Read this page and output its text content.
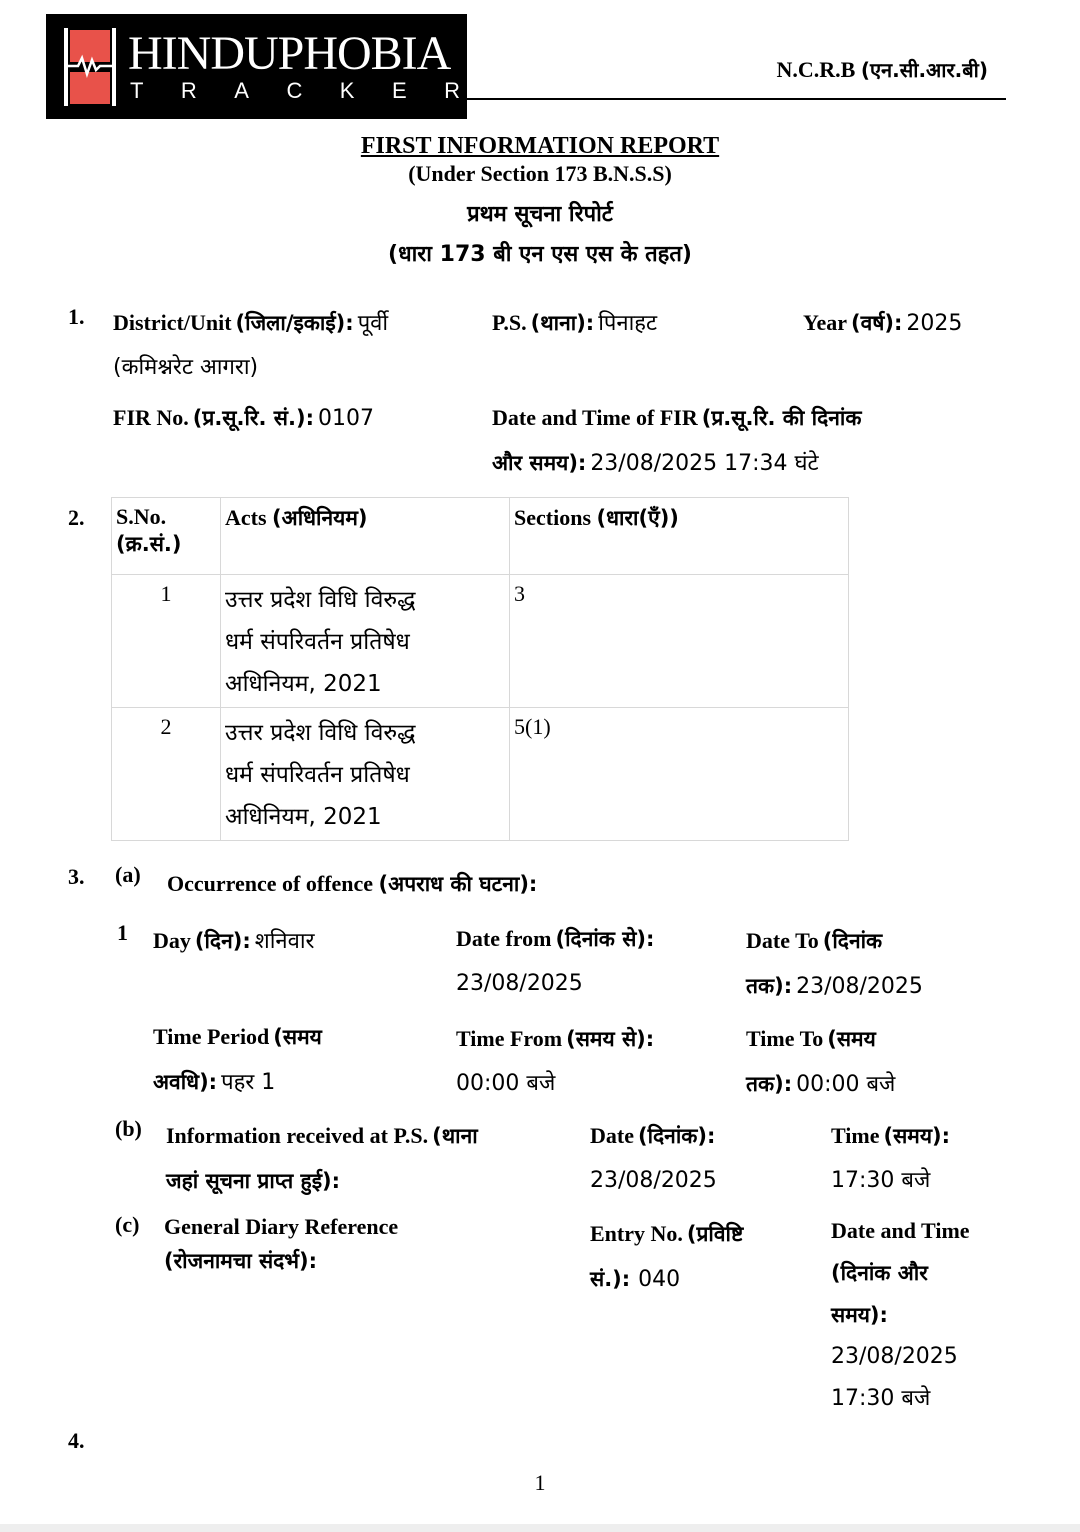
HINDUPHOBIA
T R A C K E R
N.C.R.B (एन.सी.आर.बी)
FIRST INFORMATION REPORT
(Under Section 173 B.N.S.S)
प्रथम सूचना रिपोर्ट
(धारा 173 बी एन एस एस के तहत)
1. District/Unit (जिला/इकाई): पूर्वी
(कमिश्नरेट आगरा)
P.S. (थाना): पिनाहट	Year (वर्ष): 2025
FIR No. (प्र.सू.रि. सं.): 0107	Date and Time of FIR (प्र.सू.रि. की दिनांक
और समय): 23/08/2025 17:34 घंटे
2. S.No.
(क्र.सं.)	Acts (अधिनियम)	Sections (धारा(एँ))
1	उत्तर प्रदेश विधि विरुद्ध
धर्म संपरिवर्तन प्रतिषेध
अधिनियम, 2021	3
2	उत्तर प्रदेश विधि विरुद्ध
धर्म संपरिवर्तन प्रतिषेध
अधिनियम, 2021	5(1)
3. (a) Occurrence of offence (अपराध की घटना):
1 Day (दिन): शनिवार	Date from (दिनांक से):
23/08/2025
Date To (दिनांक
तक): 23/08/2025
Time Period (समय
अवधि): पहर 1
Time From (समय से):
00:00 बजे
Time To (समय
तक): 00:00 बजे
(b) Information received at P.S. (थाना
जहां सूचना प्राप्त हुई):
Date (दिनांक):
23/08/2025
Time (समय):
17:30 बजे
(c) General Diary Reference
(रोजनामचा संदर्भ):
Entry No. (प्रविष्टि
सं.): 040
Date and Time
(दिनांक और
समय):
23/08/2025
17:30 बजे
4.
1
